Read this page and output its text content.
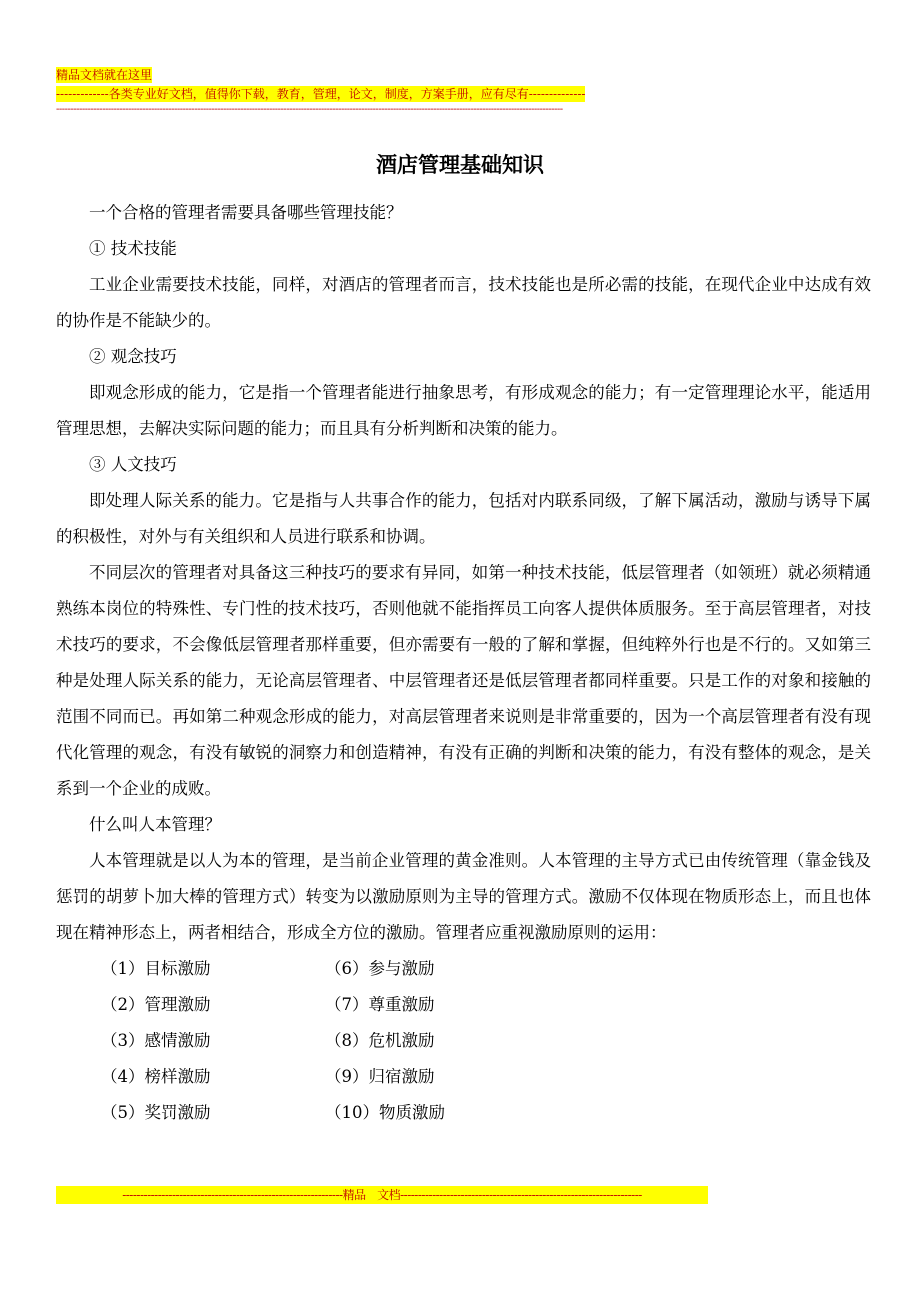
精品文档就在这里
-------------各类专业好文档，值得你下载，教育，管理，论文，制度，方案手册，应有尽有--------------
--------------------------------------------------------------------------------------------------------------------------------------------------------------------------------
酒店管理基础知识

一个合格的管理者需要具备哪些管理技能？

① 技术技能

工业企业需要技术技能，同样，对酒店的管理者而言，技术技能也是所必需的技能，在现代企业中达成有效的协作是不能缺少的。

② 观念技巧

即观念形成的能力，它是指一个管理者能进行抽象思考，有形成观念的能力；有一定管理理论水平，能适用管理思想，去解决实际问题的能力；而且具有分析判断和决策的能力。

③ 人文技巧

即处理人际关系的能力。它是指与人共事合作的能力，包括对内联系同级，了解下属活动，激励与诱导下属的积极性，对外与有关组织和人员进行联系和协调。

不同层次的管理者对具备这三种技巧的要求有异同，如第一种技术技能，低层管理者（如领班）就必须精通熟练本岗位的特殊性、专门性的技术技巧，否则他就不能指挥员工向客人提供体质服务。至于高层管理者，对技术技巧的要求，不会像低层管理者那样重要，但亦需要有一般的了解和掌握，但纯粹外行也是不行的。又如第三种是处理人际关系的能力，无论高层管理者、中层管理者还是低层管理者都同样重要。只是工作的对象和接触的范围不同而已。再如第二种观念形成的能力，对高层管理者来说则是非常重要的，因为一个高层管理者有没有现代化管理的观念，有没有敏锐的洞察力和创造精神，有没有正确的判断和决策的能力，有没有整体的观念，是关系到一个企业的成败。

什么叫人本管理？

人本管理就是以人为本的管理，是当前企业管理的黄金准则。人本管理的主导方式已由传统管理（靠金钱及惩罚的胡萝卜加大棒的管理方式）转变为以激励原则为主导的管理方式。激励不仅体现在物质形态上，而且也体现在精神形态上，两者相结合，形成全方位的激励。管理者应重视激励原则的运用：

（1）目标激励	（6）参与激励
（2）管理激励	（7）尊重激励
（3）感情激励	（8）危机激励
（4）榜样激励	（9）归宿激励
（5）奖罚激励	（10）物质激励
--------------------------------------------------------------精品　文档--------------------------------------------------------------------
